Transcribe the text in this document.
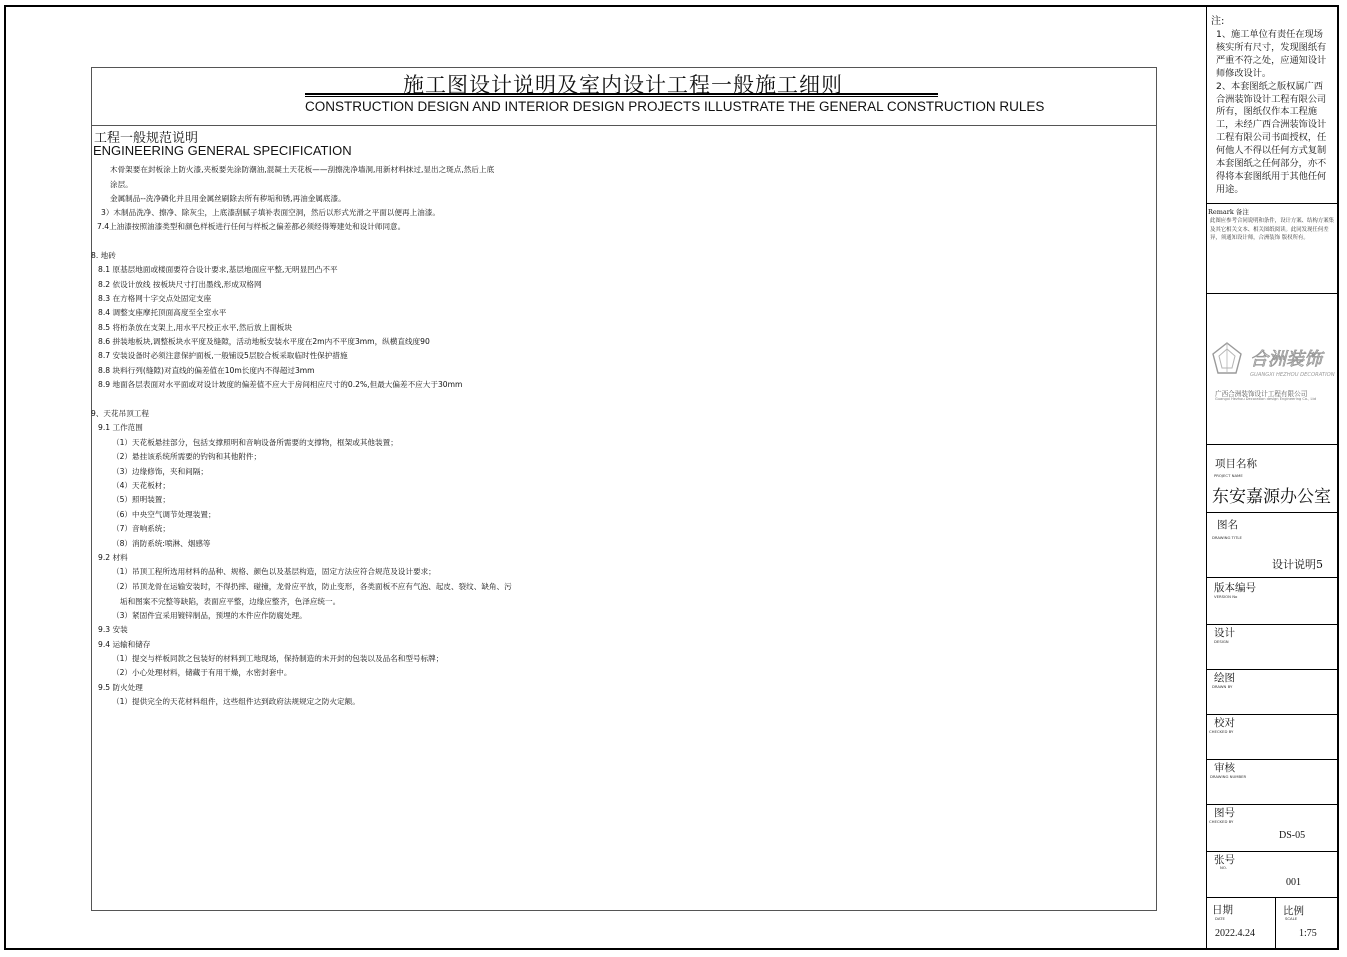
施工图设计说明及室内设计工程一般施工细则
CONSTRUCTION DESIGN AND INTERIOR DESIGN PROJECTS ILLUSTRATE THE GENERAL CONSTRUCTION RULES
工程一般规范说明
ENGINEERING GENERAL SPECIFICATION
木骨架要在封板涂上防火漆,夹板要先涂防潮油,混凝土天花板——刮擦洗净墙洞,用新材料抹过,显出之斑点,然后上底
涂层。
金属制品--洗净磷化并且用金属丝刷除去所有秽垢和锈,再油金属底漆。
3）木制品洗净、擦净、除灰尘，上底漆刮腻子填补表面空洞，然后以形式光滑之平面以便再上油漆。
7.4上油漆按照油漆类型和颜色样板进行任何与样板之偏差都必须经得筹建处和设计师同意。
8. 地砖
8.1 原基层地面或楼面要符合设计要求,基层地面应平整,无明显凹凸不平
8.2 依设计放线 按板块尺寸打出墨线,形成双格网
8.3 在方格网十字交点处固定支座
8.4 调整支座摩托顶面高度至全室水平
8.5 将桁条放在支架上,用水平尺校正水平,然后放上面板块
8.6 拼装地板块,调整板块水平度及缝隙，活动地板安装水平度在2m内不平度3mm，纵横直线度90
8.7 安装设备时必须注意保护面板,一般铺设5层胶合板采取临时性保护措施
8.8 块料行列(缝隙)对直线的偏差值在10m长度内不得超过3mm
8.9 地面各层表面对水平面或对设计坡度的偏差值不应大于房间相应尺寸的0.2%,但最大偏差不应大于30mm
9、天花吊顶工程
9.1 工作范围
（1）天花板悬挂部分，包括支撑照明和音响设备所需要的支撑物，框架或其他装置；
（2）悬挂该系统所需要的钓钩和其他附件；
（3）边缘修饰，夹和间隔；
（4）天花板材；
（5）照明装置；
（6）中央空气调节处理装置；
（7）音响系统；
（8）消防系统:喷淋、烟感等
9.2 材料
（1）吊顶工程所选用材料的品种、规格、颜色以及基层构造，固定方法应符合规范及设计要求；
（2）吊顶龙骨在运输安装时，不得扔摔、碰撞，龙骨应平放，防止变形，各类面板不应有气泡、起皮、裂纹、缺角、污
垢和图案不完整等缺陷，表面应平整，边缘应整齐，色泽应统一。
（3）紧固件宜采用镀锌制品，预埋的木件应作防腐处理。
9.3 安装
9.4 运输和储存
（1）提交与样板同款之包装好的材料到工地现场，保持制造的未开封的包装以及品名和型号标牌；
（2）小心处理材料，储藏于有用干燥，水密封套中。
9.5 防火处理
（1）提供完全的天花材料组件，这些组件达到政府法规规定之防火定额。
注:
1、施工单位有责任在现场核实所有尺寸，发现图纸有严重不符之处，应通知设计师修改设计。
2、本套图纸之版权属广西合洲装饰设计工程有限公司所有，图纸仅作本工程施工，未经广西合洲装饰设计工程有限公司书面授权，任何他人不得以任何方式复制本套图纸之任何部分，亦不得将本套图纸用于其他任何用途。
Remark 备注
此图应参考合同说明和条件，设计方案、结构方案集及其它相关文本、相关图纸阅读。此同发现任何差异，须通知设计师，合洲装饰 版权所有。
合洲装饰
GUANGXI HEZHOU DECORATION
广西合洲装饰设计工程有限公司
Guangxi Hezhou Decoration design Engineering Co., Ltd
项目名称
PROJECT NAME
东安嘉源办公室
图名
DRAWING TITLE
设计说明5
版本编号
VERSION No
设计
DESIGN
绘图
DRAWN BY
校对
CHECKED BY
审核
DRAWING NUMBER
图号
CHECKED BY
DS-05
张号
NO.
001
日期
DATE
2022.4.24
比例
SCALE
1:75
